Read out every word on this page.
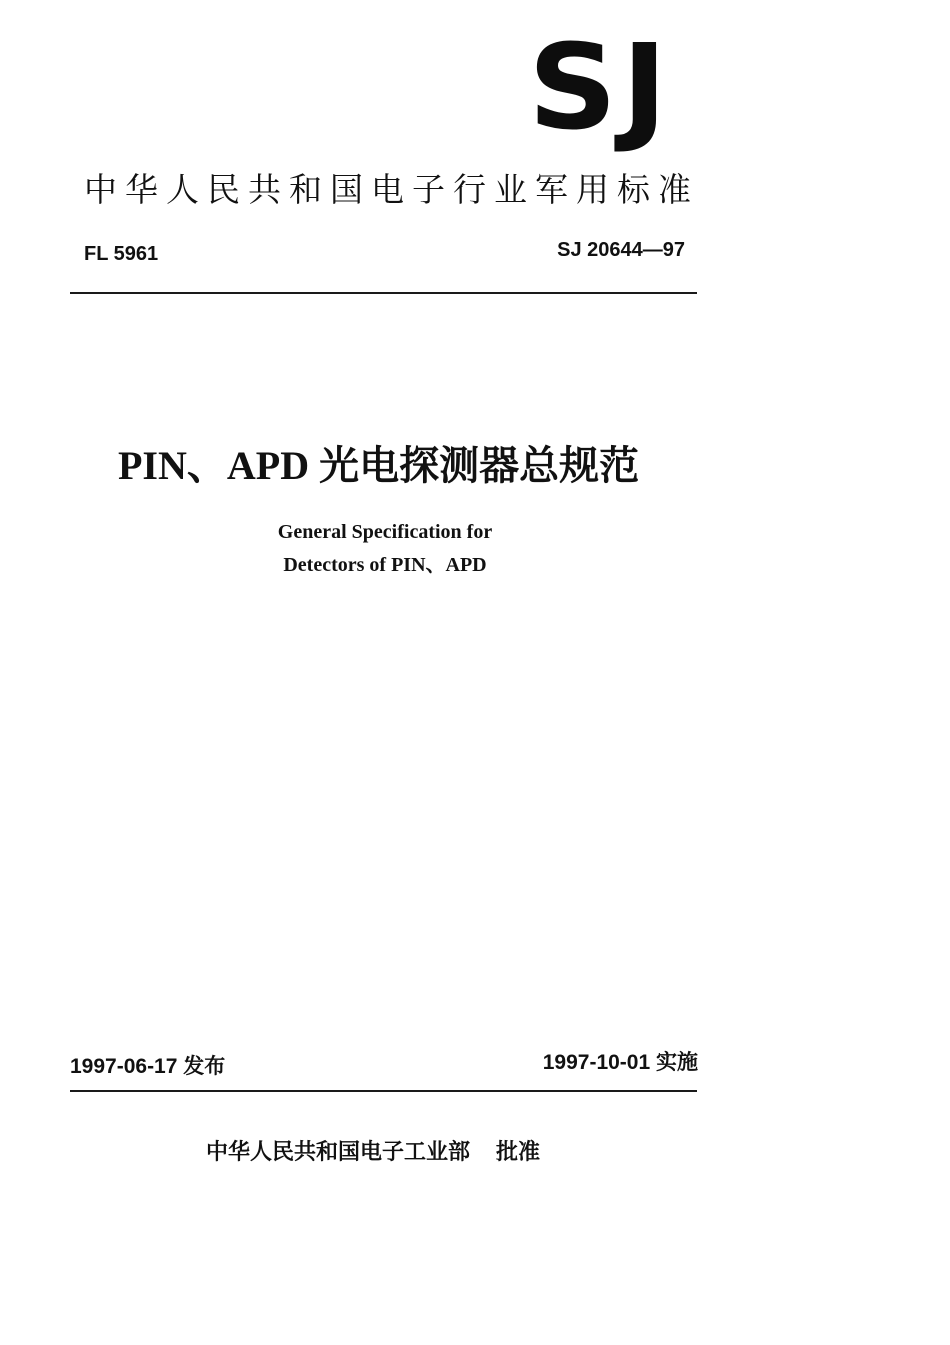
SJ
中华人民共和国电子行业军用标准
FL 5961	SJ 20644—97
PIN、APD 光电探测器总规范
General Specification for
Detectors of PIN、APD
1997-06-17 发布	1997-10-01 实施
中华人民共和国电子工业部 批准
